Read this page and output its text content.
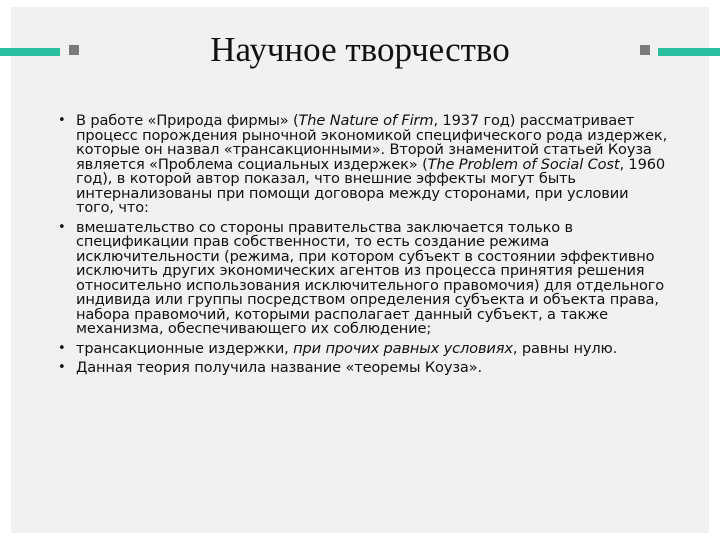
Научное творчество
• В работе «Природа фирмы» (The Nature of Firm, 1937 год) рассматривает процесс порождения рыночной экономикой специфического рода издержек, которые он назвал «трансакционными». Второй знаменитой статьей Коуза является «Проблема социальных издержек» (The Problem of Social Cost, 1960 год), в которой автор показал, что внешние эффекты могут быть интернализованы при помощи договора между сторонами, при условии того, что:
• вмешательство со стороны правительства заключается только в спецификации прав собственности, то есть создание режима исключительности (режима, при котором субъект в состоянии эффективно исключить других экономических агентов из процесса принятия решения относительно использования исключительного правомочия) для отдельного индивида или группы посредством определения субъекта и объекта права, набора правомочий, которыми располагает данный субъект, а также механизма, обеспечивающего их соблюдение;
• трансакционные издержки, при прочих равных условиях, равны нулю.
• Данная теория получила название «теоремы Коуза».
